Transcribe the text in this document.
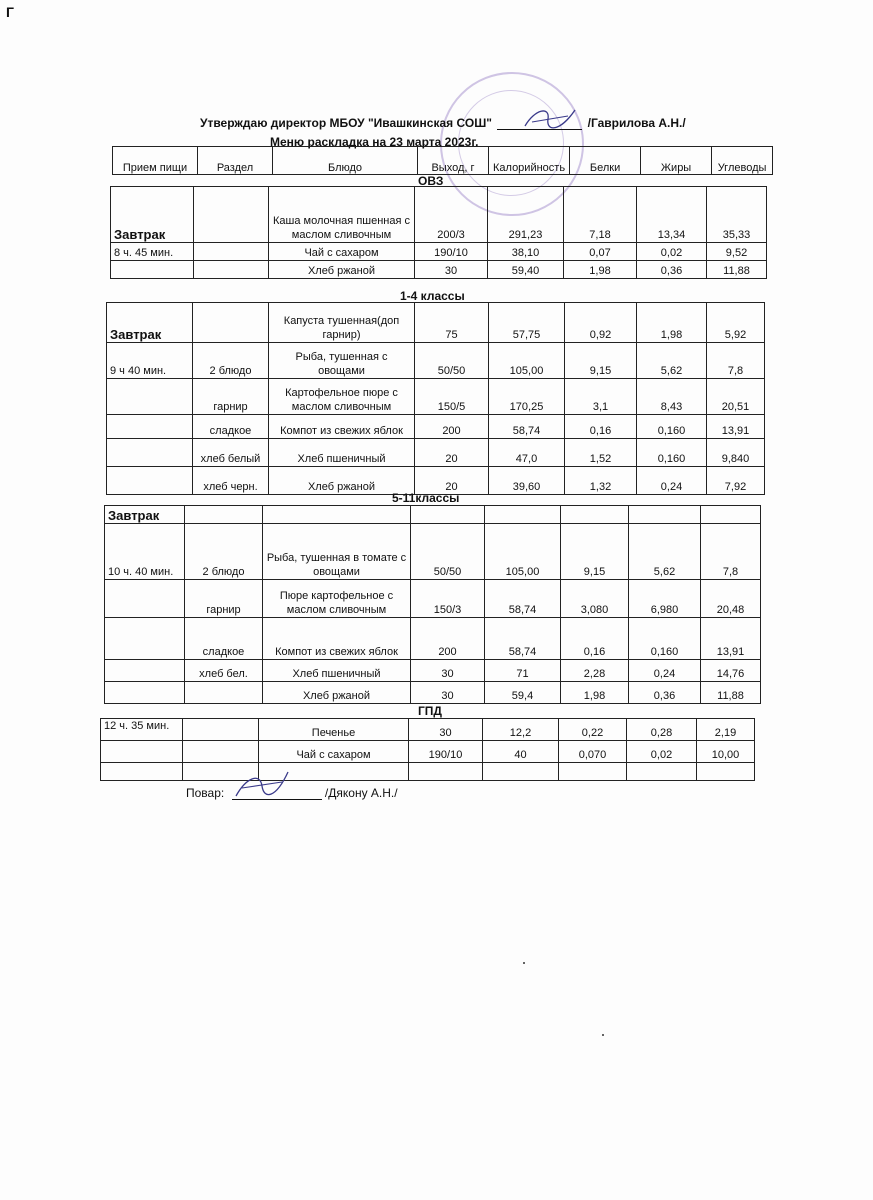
Г
Утверждаю директор МБОУ "Ивашкинская СОШ"	/Гаврилова А.Н./
Меню раскладка на 23 марта 2023г.
Прием пищи	Раздел	Блюдо	Выход, г	Калорийность	Белки	Жиры	Углеводы
ОВЗ
Завтрак		Каша молочная пшенная с маслом сливочным	200/3	291,23	7,18	13,34	35,33
8 ч. 45 мин.		Чай с сахаром	190/10	38,10	0,07	0,02	9,52
		Хлеб ржаной	30	59,40	1,98	0,36	11,88
1-4 классы
Завтрак		Капуста тушенная(доп гарнир)	75	57,75	0,92	1,98	5,92
9 ч 40 мин.	2 блюдо	Рыба, тушенная с овощами	50/50	105,00	9,15	5,62	7,8
	гарнир	Картофельное пюре с маслом сливочным	150/5	170,25	3,1	8,43	20,51
	сладкое	Компот из свежих яблок	200	58,74	0,16	0,160	13,91
	хлеб белый	Хлеб пшеничный	20	47,0	1,52	0,160	9,840
	хлеб черн.	Хлеб ржаной	20	39,60	1,32	0,24	7,92
5-11классы
Завтрак							
10 ч. 40 мин.	2 блюдо	Рыба, тушенная в томате с овощами	50/50	105,00	9,15	5,62	7,8
	гарнир	Пюре картофельное с маслом сливочным	150/3	58,74	3,080	6,980	20,48
	сладкое	Компот из свежих яблок	200	58,74	0,16	0,160	13,91
	хлеб бел.	Хлеб пшеничный	30	71	2,28	0,24	14,76
		Хлеб ржаной	30	59,4	1,98	0,36	11,88
ГПД
12 ч. 35 мин.		Печенье	30	12,2	0,22	0,28	2,19
		Чай с сахаром	190/10	40	0,070	0,02	10,00

Повар:	/Дякону А.Н./
